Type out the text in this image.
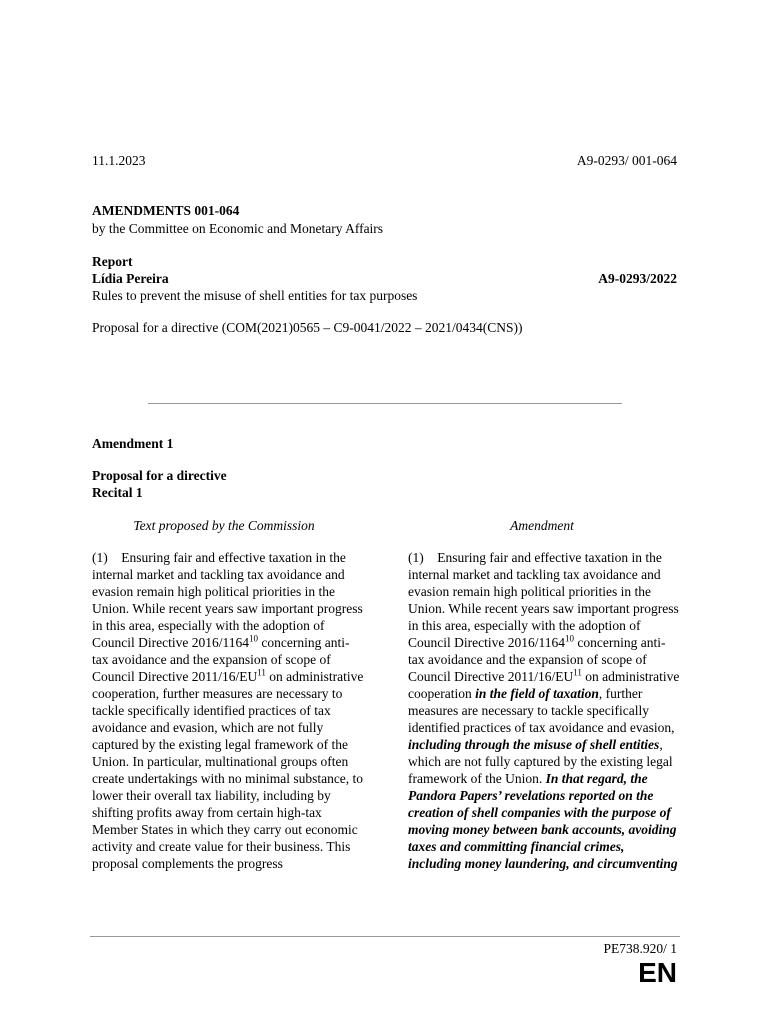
11.1.2023	A9-0293/ 001-064
AMENDMENTS 001-064
by the Committee on Economic and Monetary Affairs
Report
Lídia Pereira	A9-0293/2022
Rules to prevent the misuse of shell entities for tax purposes
Proposal for a directive (COM(2021)0565 – C9-0041/2022 – 2021/0434(CNS))
Amendment 1
Proposal for a directive
Recital 1
Text proposed by the Commission	Amendment
(1) Ensuring fair and effective taxation in the internal market and tackling tax avoidance and evasion remain high political priorities in the Union. While recent years saw important progress in this area, especially with the adoption of Council Directive 2016/1164$^{10}$ concerning anti-tax avoidance and the expansion of scope of Council Directive 2011/16/EU$^{11}$ on administrative cooperation, further measures are necessary to tackle specifically identified practices of tax avoidance and evasion, which are not fully captured by the existing legal framework of the Union. In particular, multinational groups often create undertakings with no minimal substance, to lower their overall tax liability, including by shifting profits away from certain high-tax Member States in which they carry out economic activity and create value for their business. This proposal complements the progress
(1) Ensuring fair and effective taxation in the internal market and tackling tax avoidance and evasion remain high political priorities in the Union. While recent years saw important progress in this area, especially with the adoption of Council Directive 2016/1164$^{10}$ concerning anti-tax avoidance and the expansion of scope of Council Directive 2011/16/EU$^{11}$ on administrative cooperation in the field of taxation, further measures are necessary to tackle specifically identified practices of tax avoidance and evasion, including through the misuse of shell entities, which are not fully captured by the existing legal framework of the Union. In that regard, the Pandora Papers’ revelations reported on the creation of shell companies with the purpose of moving money between bank accounts, avoiding taxes and committing financial crimes, including money laundering, and circumventing
PE738.920/ 1
EN
